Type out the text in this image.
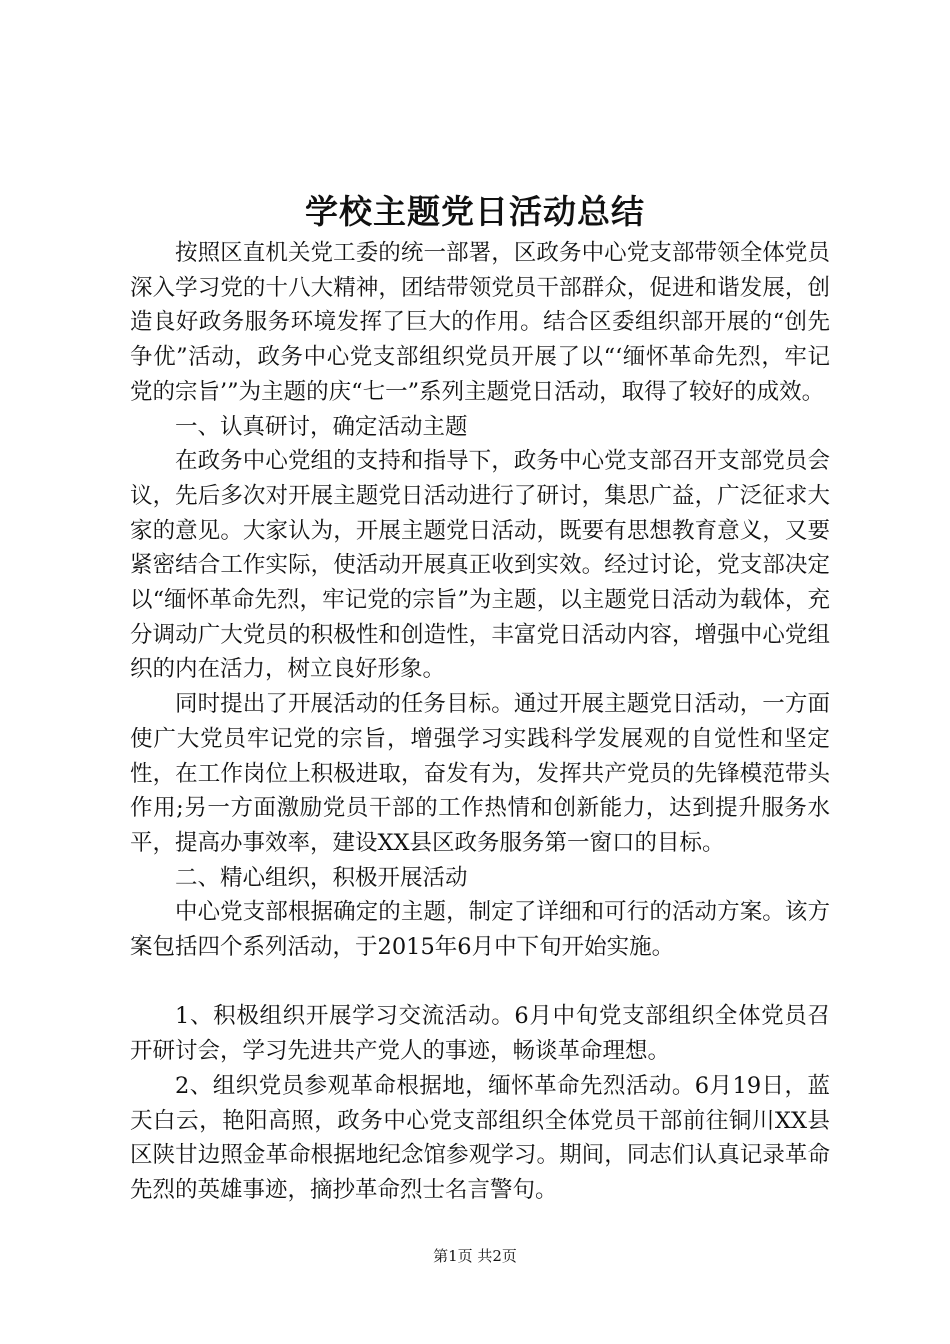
学校主题党日活动总结

按照区直机关党工委的统一部署，区政务中心党支部带领全体党员深入学习党的十八大精神，团结带领党员干部群众，促进和谐发展，创造良好政务服务环境发挥了巨大的作用。结合区委组织部开展的“创先争优”活动，政务中心党支部组织党员开展了以“‘缅怀革命先烈，牢记党的宗旨’”为主题的庆“七一”系列主题党日活动，取得了较好的成效。

一、认真研讨，确定活动主题

在政务中心党组的支持和指导下，政务中心党支部召开支部党员会议，先后多次对开展主题党日活动进行了研讨，集思广益，广泛征求大家的意见。大家认为，开展主题党日活动，既要有思想教育意义，又要紧密结合工作实际，使活动开展真正收到实效。经过讨论，党支部决定以“缅怀革命先烈，牢记党的宗旨”为主题，以主题党日活动为载体，充分调动广大党员的积极性和创造性，丰富党日活动内容，增强中心党组织的内在活力，树立良好形象。

同时提出了开展活动的任务目标。通过开展主题党日活动，一方面使广大党员牢记党的宗旨，增强学习实践科学发展观的自觉性和坚定性，在工作岗位上积极进取，奋发有为，发挥共产党员的先锋模范带头作用;另一方面激励党员干部的工作热情和创新能力，达到提升服务水平，提高办事效率，建设XX县区政务服务第一窗口的目标。

二、精心组织，积极开展活动

中心党支部根据确定的主题，制定了详细和可行的活动方案。该方案包括四个系列活动，于2015年6月中下旬开始实施。

1、积极组织开展学习交流活动。6月中旬党支部组织全体党员召开研讨会，学习先进共产党人的事迹，畅谈革命理想。

2、组织党员参观革命根据地，缅怀革命先烈活动。6月19日，蓝天白云，艳阳高照，政务中心党支部组织全体党员干部前往铜川XX县区陕甘边照金革命根据地纪念馆参观学习。期间，同志们认真记录革命先烈的英雄事迹，摘抄革命烈士名言警句。

第1页 共2页
